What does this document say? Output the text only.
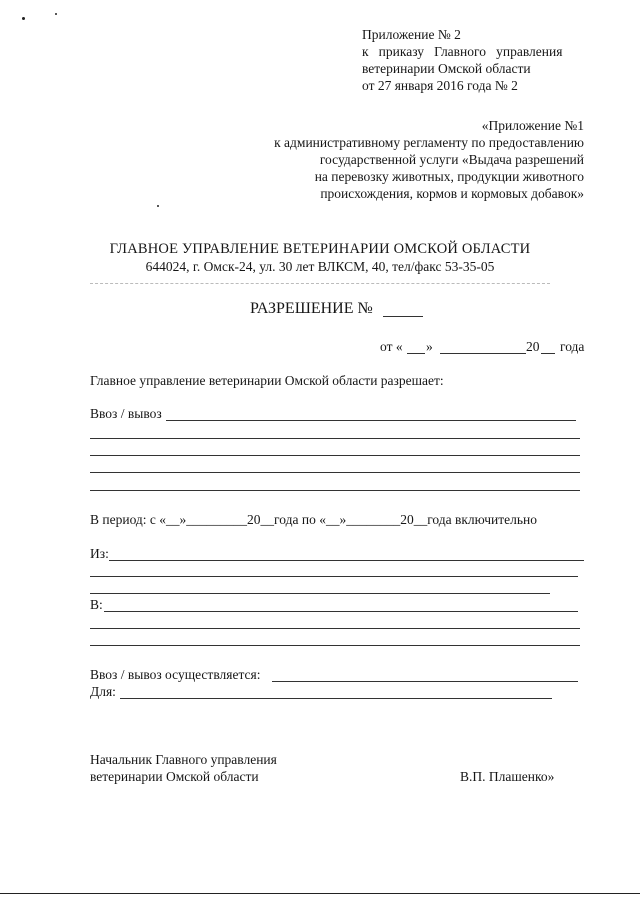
Приложение № 2
к   приказу   Главного   управления
ветеринарии Омской области
от 27 января 2016 года № 2
«Приложение №1
к административному регламенту по предоставлению
государственной услуги «Выдача разрешений
на перевозку животных, продукции животного
происхождения, кормов и кормовых добавок»
ГЛАВНОЕ УПРАВЛЕНИЕ ВЕТЕРИНАРИИ ОМСКОЙ ОБЛАСТИ
644024, г. Омск-24, ул. 30 лет ВЛКСМ, 40, тел/факс 53-35-05
РАЗРЕШЕНИЕ №
от « »	20 года
Главное управление ветеринарии Омской области разрешает:
Ввоз / вывоз
В период: с «__»_________20__года по «__»________20__года включительно
Из:
В:
Ввоз / вывоз осуществляется:
Для:
Начальник Главного управления
ветеринарии Омской области	В.П. Плашенко»
